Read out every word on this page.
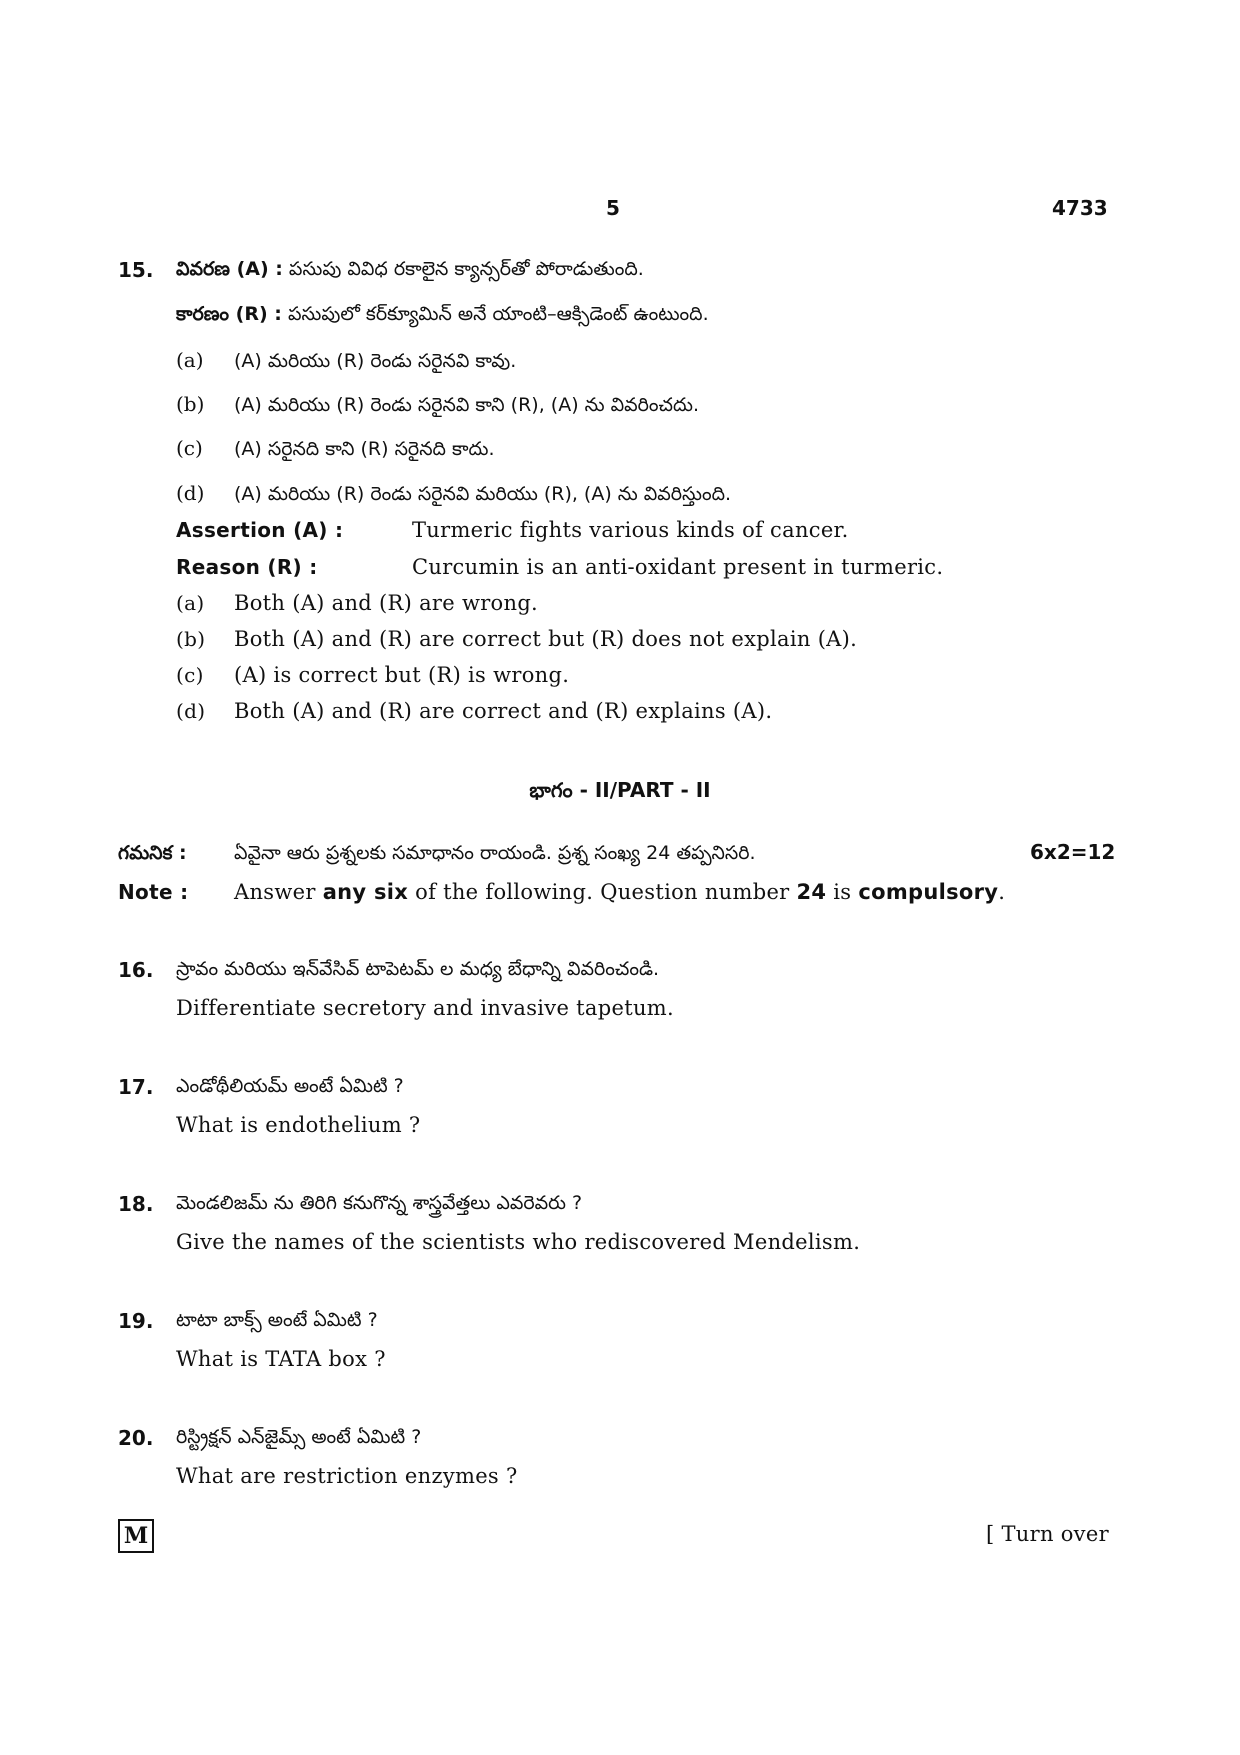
5	4733
15. వివరణ (A) : పసుపు వివిధ రకాలైన క్యాన్సర్‌తో పోరాడుతుంది.
కారణం (R) : పసుపులో కర్‌క్యూమిన్ అనే యాంటి–ఆక్సిడెంట్ ఉంటుంది.
(a) (A) మరియు (R) రెండు సరైనవి కావు.
(b) (A) మరియు (R) రెండు సరైనవి కాని (R), (A) ను వివరించదు.
(c) (A) సరైనది కాని (R) సరైనది కాదు.
(d) (A) మరియు (R) రెండు సరైనవి మరియు (R), (A) ను వివరిస్తుంది.
Assertion (A) :	Turmeric fights various kinds of cancer.
Reason (R) :	Curcumin is an anti-oxidant present in turmeric.
(a) Both (A) and (R) are wrong.
(b) Both (A) and (R) are correct but (R) does not explain (A).
(c) (A) is correct but (R) is wrong.
(d) Both (A) and (R) are correct and (R) explains (A).
భాగం - II/PART - II
గమనిక : ఏవైనా ఆరు ప్రశ్నలకు సమాధానం రాయండి. ప్రశ్న సంఖ్య 24 తప్పనిసరి.	6x2=12
Note : Answer any six of the following. Question number 24 is compulsory.
16. స్రావం మరియు ఇన్‌వేసివ్ టాపెటమ్ ల మధ్య బేధాన్ని వివరించండి.
Differentiate secretory and invasive tapetum.
17. ఎండోథీలియమ్ అంటే ఏమిటి ?
What is endothelium ?
18. మెండలిజమ్ ను తిరిగి కనుగొన్న శాస్త్రవేత్తలు ఎవరెవరు ?
Give the names of the scientists who rediscovered Mendelism.
19. టాటా బాక్స్ అంటే ఏమిటి ?
What is TATA box ?
20. రిస్ట్రిక్షన్ ఎన్‌జైమ్స్ అంటే ఏమిటి ?
What are restriction enzymes ?
M	[ Turn over
